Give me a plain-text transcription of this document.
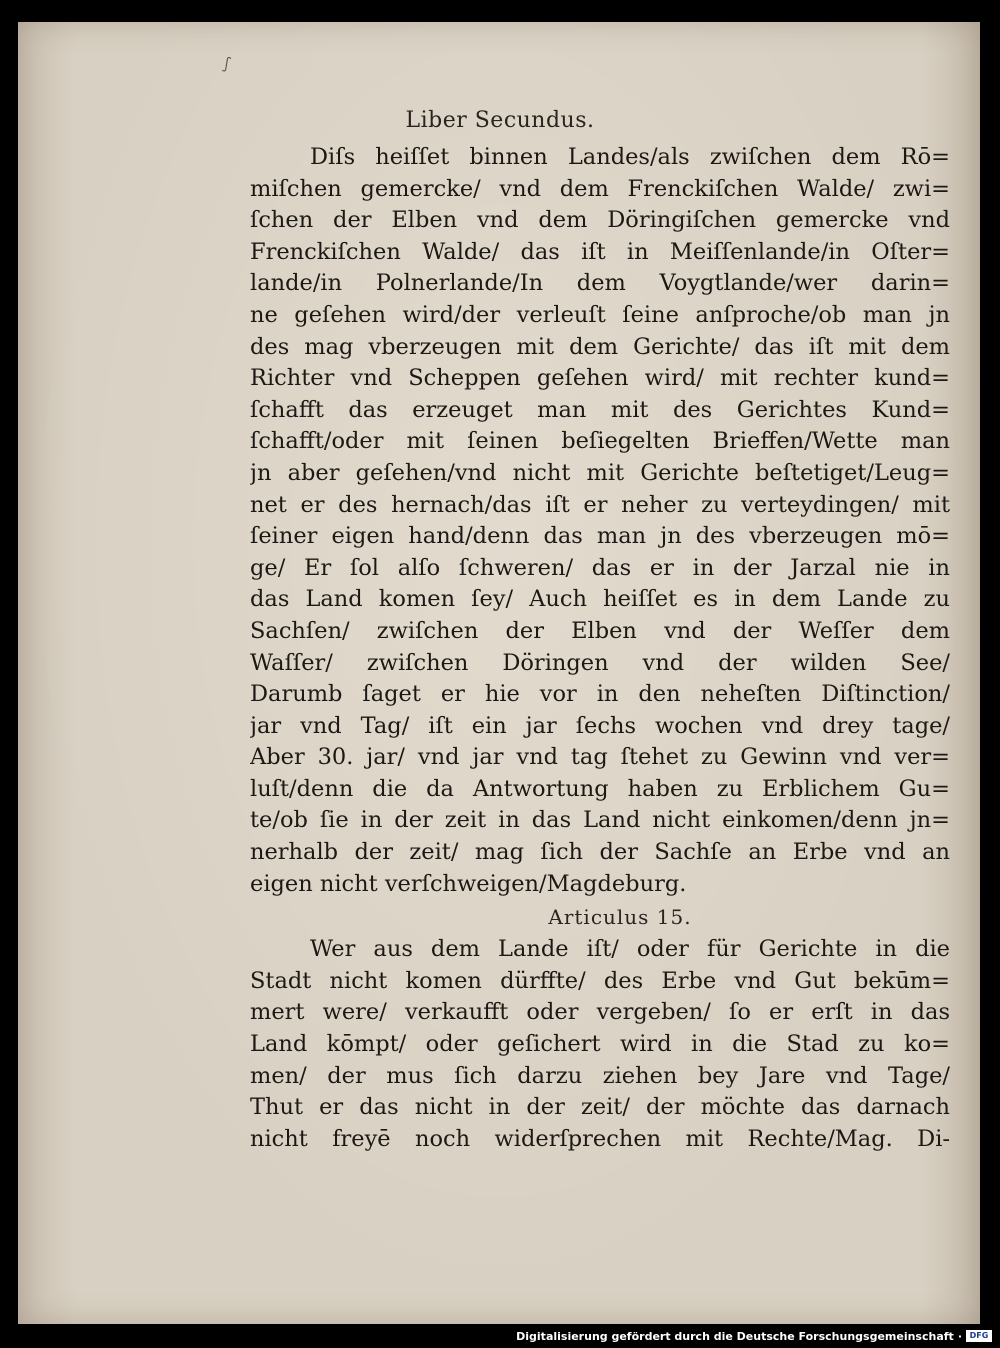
ഽ
Liber Secundus.
Diſs heiſſet binnen Landes/als zwiſchen dem Rō=
miſchen gemercke/ vnd dem Frenckiſchen Walde/ zwi=
ſchen der Elben vnd dem Döringiſchen gemercke vnd
Frenckiſchen Walde/ das iſt in Meiſſenlande/in Oſter=
lande/in Polnerlande/In dem Voygtlande/wer darin=
ne geſehen wird/der verleuſt ſeine anſproche/ob man jn
des mag vberzeugen mit dem Gerichte/ das iſt mit dem
Richter vnd Scheppen geſehen wird/ mit rechter kund=
ſchafft das erzeuget man mit des Gerichtes Kund=
ſchafft/oder mit ſeinen beſiegelten Brieffen/Wette man
jn aber geſehen/vnd nicht mit Gerichte beſtetiget/Leug=
net er des hernach/das iſt er neher zu verteydingen/ mit
ſeiner eigen hand/denn das man jn des vberzeugen mō=
ge/ Er ſol alſo ſchweren/ das er in der Jarzal nie in
das Land komen ſey/ Auch heiſſet es in dem Lande zu
Sachſen/ zwiſchen der Elben vnd der Weſſer dem
Waſſer/ zwiſchen Döringen vnd der wilden See/
Darumb ſaget er hie vor in den neheſten Diſtinction/
jar vnd Tag/ iſt ein jar ſechs wochen vnd drey tage/
Aber 30. jar/ vnd jar vnd tag ſtehet zu Gewinn vnd ver=
luſt/denn die da Antwortung haben zu Erblichem Gu=
te/ob ſie in der zeit in das Land nicht einkomen/denn jn=
nerhalb der zeit/ mag ſich der Sachſe an Erbe vnd an
eigen nicht verſchweigen/Magdeburg.
Articulus 15.
Wer aus dem Lande iſt/ oder für Gerichte in die
Stadt nicht komen dürffte/ des Erbe vnd Gut bekūm=
mert were/ verkaufft oder vergeben/ ſo er erſt in das
Land kōmpt/ oder geſichert wird in die Stad zu ko=
men/ der mus ſich darzu ziehen bey Jare vnd Tage/
Thut er das nicht in der zeit/ der möchte das darnach
nicht freyē noch widerſprechen mit Rechte/Mag. Di-
Digitalisierung gefördert durch die Deutsche Forschungsgemeinschaft · DFG
